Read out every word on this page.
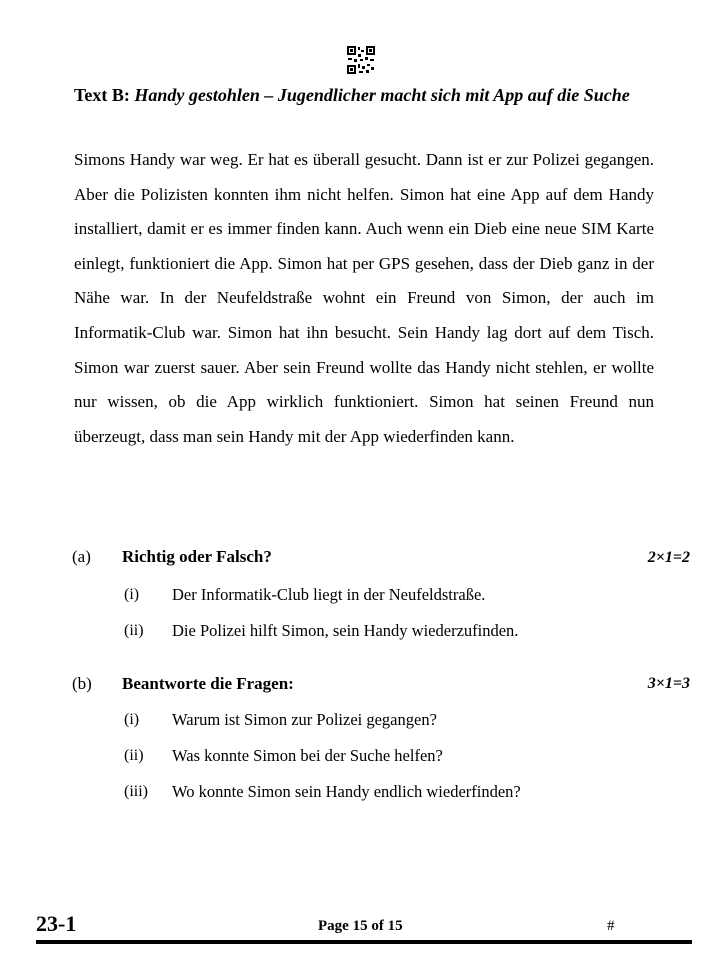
Text B: Handy gestohlen – Jugendlicher macht sich mit App auf die Suche
Simons Handy war weg. Er hat es überall gesucht. Dann ist er zur Polizei gegangen. Aber die Polizisten konnten ihm nicht helfen. Simon hat eine App auf dem Handy installiert, damit er es immer finden kann. Auch wenn ein Dieb eine neue SIM Karte einlegt, funktioniert die App. Simon hat per GPS gesehen, dass der Dieb ganz in der Nähe war. In der Neufeldstraße wohnt ein Freund von Simon, der auch im Informatik-Club war. Simon hat ihn besucht. Sein Handy lag dort auf dem Tisch. Simon war zuerst sauer. Aber sein Freund wollte das Handy nicht stehlen, er wollte nur wissen, ob die App wirklich funktioniert. Simon hat seinen Freund nun überzeugt, dass man sein Handy mit der App wiederfinden kann.
(a) Richtig oder Falsch?	2×1=2
(i) Der Informatik-Club liegt in der Neufeldstraße.
(ii) Die Polizei hilft Simon, sein Handy wiederzufinden.
(b) Beantworte die Fragen:	3×1=3
(i) Warum ist Simon zur Polizei gegangen?
(ii) Was konnte Simon bei der Suche helfen?
(iii) Wo konnte Simon sein Handy endlich wiederfinden?
23-1	Page 15 of 15	#
